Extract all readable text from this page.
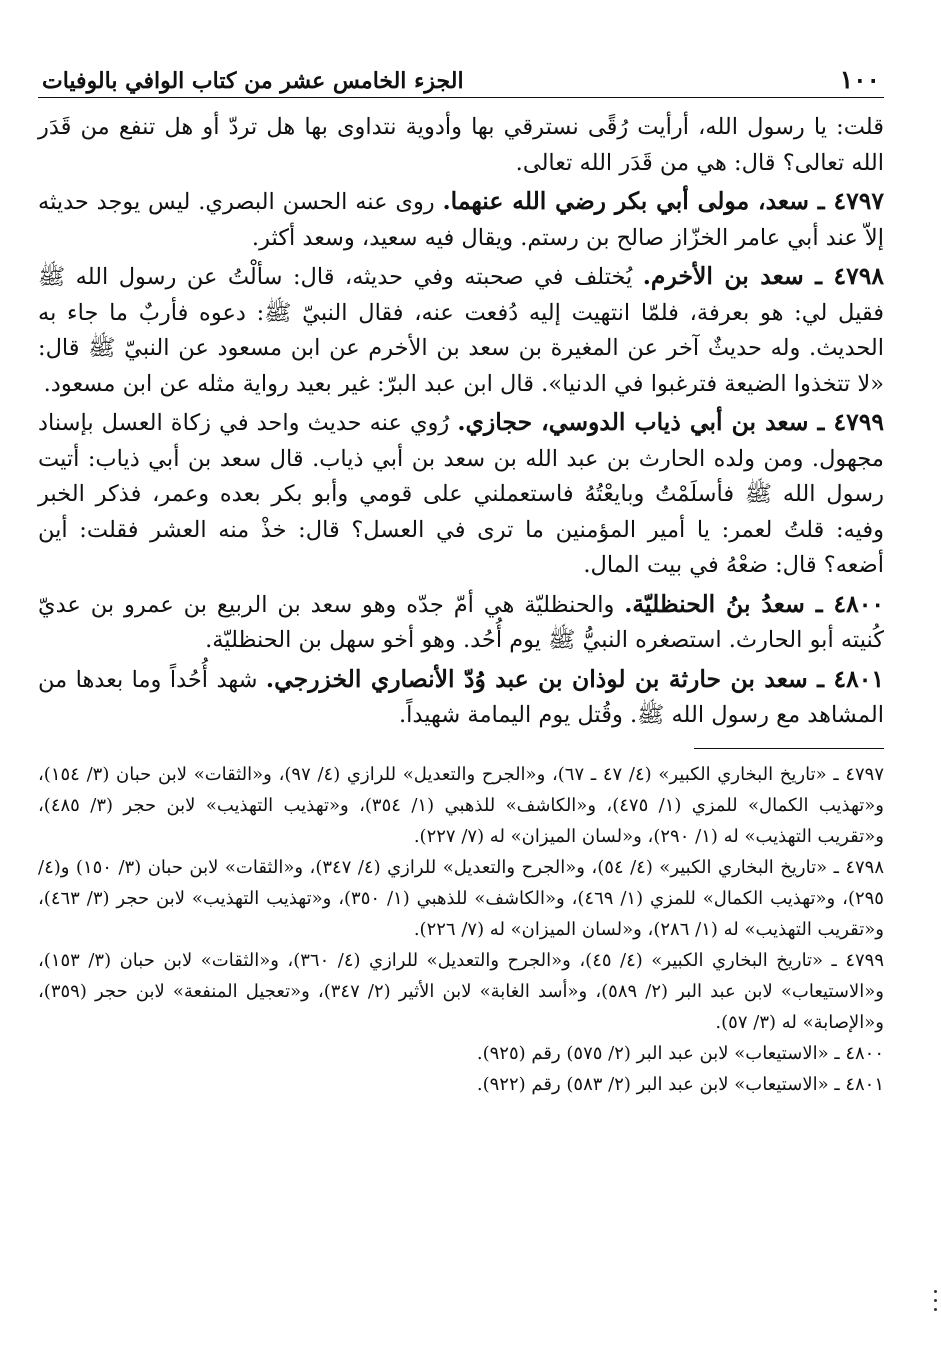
١٠٠
الجزء الخامس عشر من كتاب الوافي بالوفيات

قلت: يا رسول الله، أرأيت رُقًى نسترقي بها وأدوية نتداوى بها هل تردّ أو هل تنفع من قَدَر الله تعالى؟ قال: هي من قَدَر الله تعالى.

٤٧٩٧ ـ سعد، مولى أبي بكر رضي الله عنهما. روى عنه الحسن البصري. ليس يوجد حديثه إلاّ عند أبي عامر الخزّاز صالح بن رستم. ويقال فيه سعيد، وسعد أكثر.

٤٧٩٨ ـ سعد بن الأخرم. يُختلف في صحبته وفي حديثه، قال: سألْتُ عن رسول الله ﷺ فقيل لي: هو بعرفة، فلمّا انتهيت إليه دُفعت عنه، فقال النبيّ ﷺ: دعوه فأربٌ ما جاء به الحديث. وله حديثٌ آخر عن المغيرة بن سعد بن الأخرم عن ابن مسعود عن النبيّ ﷺ قال: «لا تتخذوا الضيعة فترغبوا في الدنيا». قال ابن عبد البرّ: غير بعيد رواية مثله عن ابن مسعود.

٤٧٩٩ ـ سعد بن أبي ذياب الدوسي، حجازي. رُوي عنه حديث واحد في زكاة العسل بإسناد مجهول. ومن ولده الحارث بن عبد الله بن سعد بن أبي ذياب. قال سعد بن أبي ذياب: أتيت رسول الله ﷺ فأسلَمْتُ وبايعْتُهُ فاستعملني على قومي وأبو بكر بعده وعمر، فذكر الخبر وفيه: قلتُ لعمر: يا أمير المؤمنين ما ترى في العسل؟ قال: خذْ منه العشر فقلت: أين أضعه؟ قال: ضعْهُ في بيت المال.

٤٨٠٠ ـ سعدُ بنُ الحنظليّة. والحنظليّة هي أمّ جدّه وهو سعد بن الربيع بن عمرو بن عديّ كُنيته أبو الحارث. استصغره النبيُّ ﷺ يوم أُحُد. وهو أخو سهل بن الحنظليّة.

٤٨٠١ ـ سعد بن حارثة بن لوذان بن عبد وُدّ الأنصاري الخزرجي. شهد أُحُداً وما بعدها من المشاهد مع رسول الله ﷺ. وقُتل يوم اليمامة شهيداً.

٤٧٩٧ ـ «تاريخ البخاري الكبير» (٤/ ٤٧ ـ ٦٧)، و«الجرح والتعديل» للرازي (٤/ ٩٧)، و«الثقات» لابن حبان (٣/ ١٥٤)، و«تهذيب الكمال» للمزي (١/ ٤٧٥)، و«الكاشف» للذهبي (١/ ٣٥٤)، و«تهذيب التهذيب» لابن حجر (٣/ ٤٨٥)، و«تقريب التهذيب» له (١/ ٢٩٠)، و«لسان الميزان» له (٧/ ٢٢٧).

٤٧٩٨ ـ «تاريخ البخاري الكبير» (٤/ ٥٤)، و«الجرح والتعديل» للرازي (٤/ ٣٤٧)، و«الثقات» لابن حبان (٣/ ١٥٠) و(٤/ ٢٩٥)، و«تهذيب الكمال» للمزي (١/ ٤٦٩)، و«الكاشف» للذهبي (١/ ٣٥٠)، و«تهذيب التهذيب» لابن حجر (٣/ ٤٦٣)، و«تقريب التهذيب» له (١/ ٢٨٦)، و«لسان الميزان» له (٧/ ٢٢٦).

٤٧٩٩ ـ «تاريخ البخاري الكبير» (٤/ ٤٥)، و«الجرح والتعديل» للرازي (٤/ ٣٦٠)، و«الثقات» لابن حبان (٣/ ١٥٣)، و«الاستيعاب» لابن عبد البر (٢/ ٥٨٩)، و«أسد الغابة» لابن الأثير (٢/ ٣٤٧)، و«تعجيل المنفعة» لابن حجر (٣٥٩)، و«الإصابة» له (٣/ ٥٧).

٤٨٠٠ ـ «الاستيعاب» لابن عبد البر (٢/ ٥٧٥) رقم (٩٢٥).

٤٨٠١ ـ «الاستيعاب» لابن عبد البر (٢/ ٥٨٣) رقم (٩٢٢).
